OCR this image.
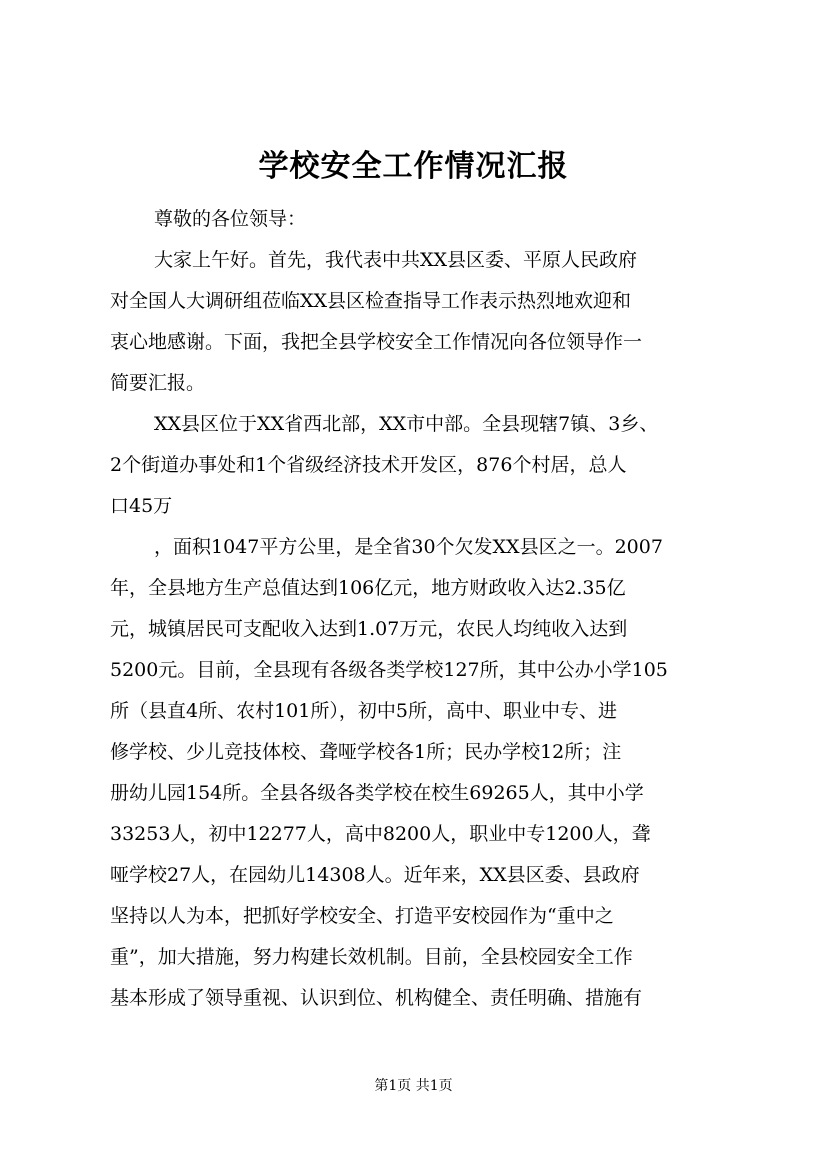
学校安全工作情况汇报
尊敬的各位领导：
大家上午好。首先，我代表中共XX县区委、平原人民政府
对全国人大调研组莅临XX县区检查指导工作表示热烈地欢迎和
衷心地感谢。下面，我把全县学校安全工作情况向各位领导作一
简要汇报。
XX县区位于XX省西北部，XX市中部。全县现辖7镇、3乡、
2个街道办事处和1个省级经济技术开发区，876个村居，总人
口45万
，面积1047平方公里，是全省30个欠发XX县区之一。2007
年，全县地方生产总值达到106亿元，地方财政收入达2.35亿
元，城镇居民可支配收入达到1.07万元，农民人均纯收入达到
5200元。目前，全县现有各级各类学校127所，其中公办小学105
所（县直4所、农村101所），初中5所，高中、职业中专、进
修学校、少儿竞技体校、聋哑学校各1所；民办学校12所；注
册幼儿园154所。全县各级各类学校在校生69265人，其中小学
33253人，初中12277人，高中8200人，职业中专1200人，聋
哑学校27人，在园幼儿14308人。近年来，XX县区委、县政府
坚持以人为本，把抓好学校安全、打造平安校园作为“重中之
重”，加大措施，努力构建长效机制。目前，全县校园安全工作
基本形成了领导重视、认识到位、机构健全、责任明确、措施有
第1页 共1页
